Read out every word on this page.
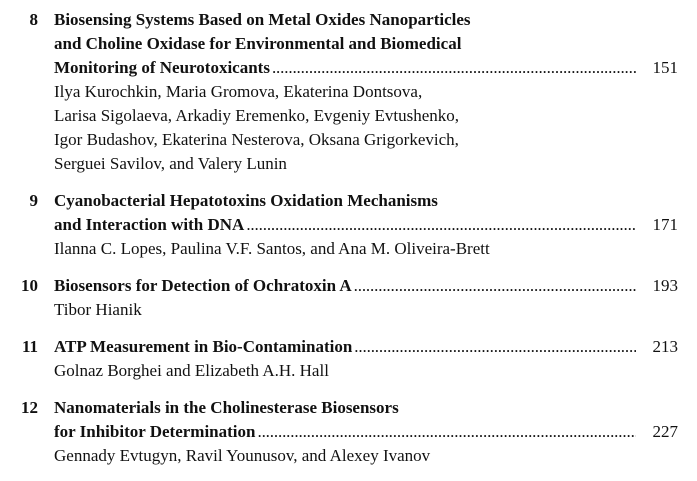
8 Biosensing Systems Based on Metal Oxides Nanoparticles
and Choline Oxidase for Environmental and Biomedical
Monitoring of Neurotoxicants . . .	151
Ilya Kurochkin, Maria Gromova, Ekaterina Dontsova,
Larisa Sigolaeva, Arkadiy Eremenko, Evgeniy Evtushenko,
Igor Budashov, Ekaterina Nesterova, Oksana Grigorkevich,
Serguei Savilov, and Valery Lunin
9 Cyanobacterial Hepatotoxins Oxidation Mechanisms
and Interaction with DNA . . .	171
Ilanna C. Lopes, Paulina V.F. Santos, and Ana M. Oliveira-Brett
10 Biosensors for Detection of Ochratoxin A . . .	193
Tibor Hianik
11 ATP Measurement in Bio-Contamination . . .	213
Golnaz Borghei and Elizabeth A.H. Hall
12 Nanomaterials in the Cholinesterase Biosensors
for Inhibitor Determination . . .	227
Gennady Evtugyn, Ravil Younusov, and Alexey Ivanov
